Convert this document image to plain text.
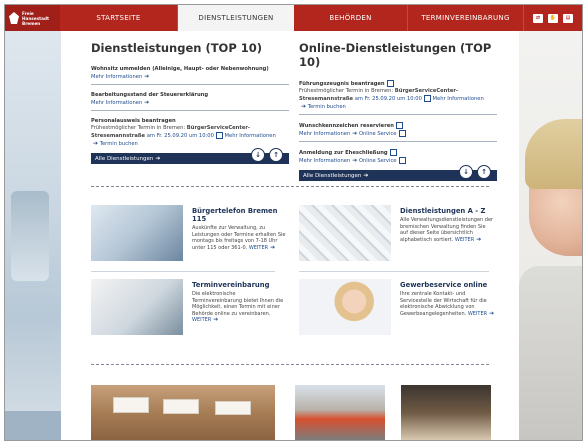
Freie
Hansestadt
Bremen
STARTSEITE	DIENSTLEISTUNGEN	BEHÖRDEN	TERMINVEREINBARUNG	⇄	✋	▤
Dienstleistungen (TOP 10)
Wohnsitz ummelden (Alleinige, Haupt- oder Nebenwohnung)
Mehr Informationen ➔
Bearbeitungsstand der Steuererklärung
Mehr Informationen ➔
Personalausweis beantragen
Frühestmöglicher Termin in Bremen: BürgerServiceCenter-
Stresemannstraße am Fr. 25.09.20 um 10:00 Mehr Informationen
➔ Termin buchen
Alle Dienstleistungen ➔	↓	↑
Online-Dienstleistungen (TOP 10)
Führungszeugnis beantragen
Frühestmöglicher Termin in Bremen: BürgerServiceCenter-
Stresemannstraße am Fr. 25.09.20 um 10:00 Mehr Informationen
➔ Termin buchen
Wunschkennzeichen reservieren
Mehr Informationen ➔ Online Service
Anmeldung zur Eheschließung
Mehr Informationen ➔ Online Service
Alle Dienstleistungen ➔	↓	↑
Bürgertelefon Bremen 115

Auskünfte zur Verwaltung, zu Leistungen oder Termine erhalten Sie montags bis freitags von 7-18 Uhr unter 115 oder 361-0. WEITER ➔

Dienstleistungen A - Z

Alle Verwaltungsdienstleistungen der bremischen Verwaltung finden Sie auf dieser Seite übersichtlich alphabetisch sortiert. WEITER ➔

Terminvereinbarung

Die elektronische Terminvereinbarung bietet Ihnen die Möglichkeit, einen Termin mit einer Behörde online zu vereinbaren. WEITER ➔

Gewerbeservice online

Ihre zentrale Kontakt- und Servicestelle der Wirtschaft für die elektronische Abwicklung von Gewerbeangelegenheiten. WEITER ➔
